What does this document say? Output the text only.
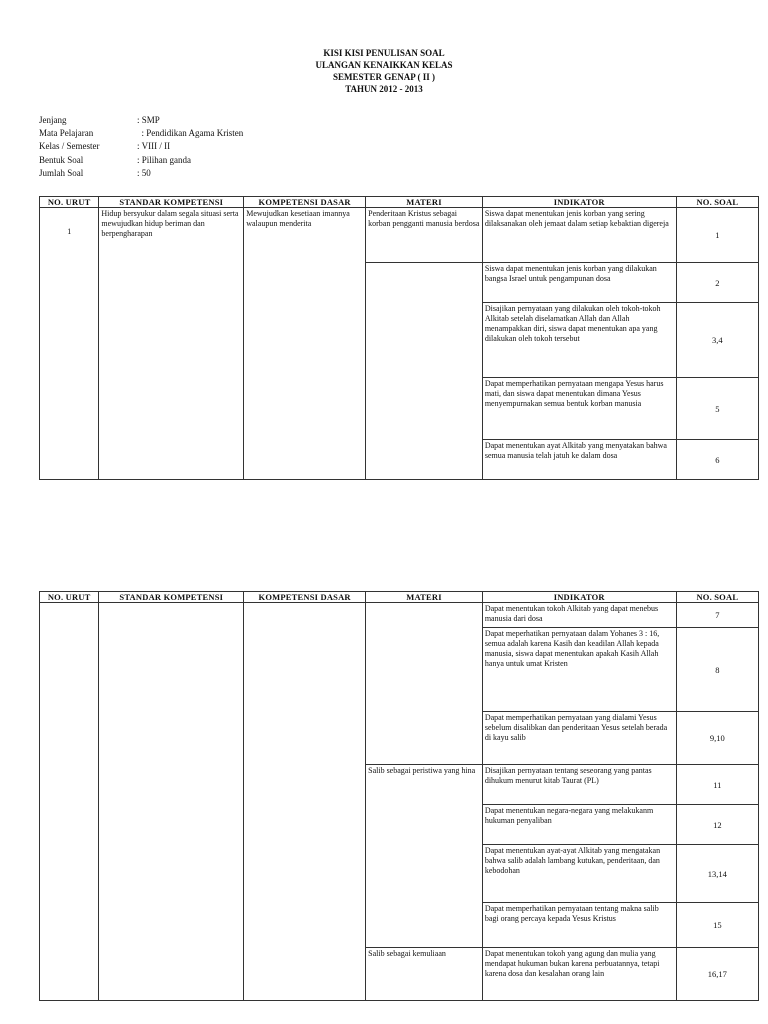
KISI KISI PENULISAN SOAL
ULANGAN KENAIKKAN KELAS
SEMESTER GENAP ( II )
TAHUN 2012 - 2013
Jenjang	: SMP
Mata Pelajaran	: Pendidikan Agama Kristen
Kelas / Semester	: VIII / II
Bentuk Soal	: Pilihan ganda
Jumlah Soal	: 50
NO. URUT	STANDAR KOMPETENSI	KOMPETENSI DASAR	MATERI	INDIKATOR	NO. SOAL
1	Hidup bersyukur dalam segala situasi serta mewujudkan hidup beriman dan berpengharapan	Mewujudkan kesetiaan imannya walaupun menderita	Penderitaan Kristus sebagai korban pengganti manusia berdosa	Siswa dapat menentukan jenis korban yang sering dilaksanakan oleh jemaat dalam setiap kebaktian digereja	1
				Siswa dapat menentukan jenis korban yang dilakukan bangsa Israel untuk pengampunan dosa	2
				Disajikan pernyataan yang dilakukan oleh tokoh-tokoh Alkitab setelah diselamatkan Allah dan Allah menampakkan diri, siswa dapat menentukan apa yang dilakukan oleh tokoh tersebut	3,4
				Dapat memperhatikan pernyataan mengapa Yesus harus mati, dan siswa dapat menentukan dimana Yesus menyempurnakan semua bentuk korban manusia	5
				Dapat menentukan ayat Alkitab yang menyatakan bahwa semua manusia telah jatuh ke dalam dosa	6
NO. URUT	STANDAR KOMPETENSI	KOMPETENSI DASAR	MATERI	INDIKATOR	NO. SOAL
				Dapat menentukan tokoh Alkitab yang dapat menebus manusia dari dosa	7
				Dapat meperhatikan pernyataan dalam Yohanes 3 : 16, semua adalah karena Kasih dan keadilan Allah kepada manusia, siswa dapat menentukan apakah Kasih Allah hanya untuk umat Kristen	8
				Dapat memperhatikan pernyataan yang dialami Yesus sebelum disalibkan dan penderitaan Yesus setelah berada di kayu salib	9,10
			Salib sebagai peristiwa yang hina	Disajikan pernyataan tentang seseorang yang pantas dihukum menurut kitab Taurat (PL)	11
				Dapat menentukan negara-negara yang melakukanm hukuman penyaliban	12
				Dapat menentukan ayat-ayat Alkitab yang mengatakan bahwa salib adalah lambang kutukan, penderitaan, dan kebodohan	13,14
				Dapat memperhatikan pernyataan tentang makna salib bagi orang percaya kepada Yesus Kristus	15
			Salib sebagai kemuliaan	Dapat menentukan tokoh yang agung dan mulia yang mendapat hukuman bukan karena perbuatannya, tetapi karena dosa dan kesalahan orang lain	16,17
